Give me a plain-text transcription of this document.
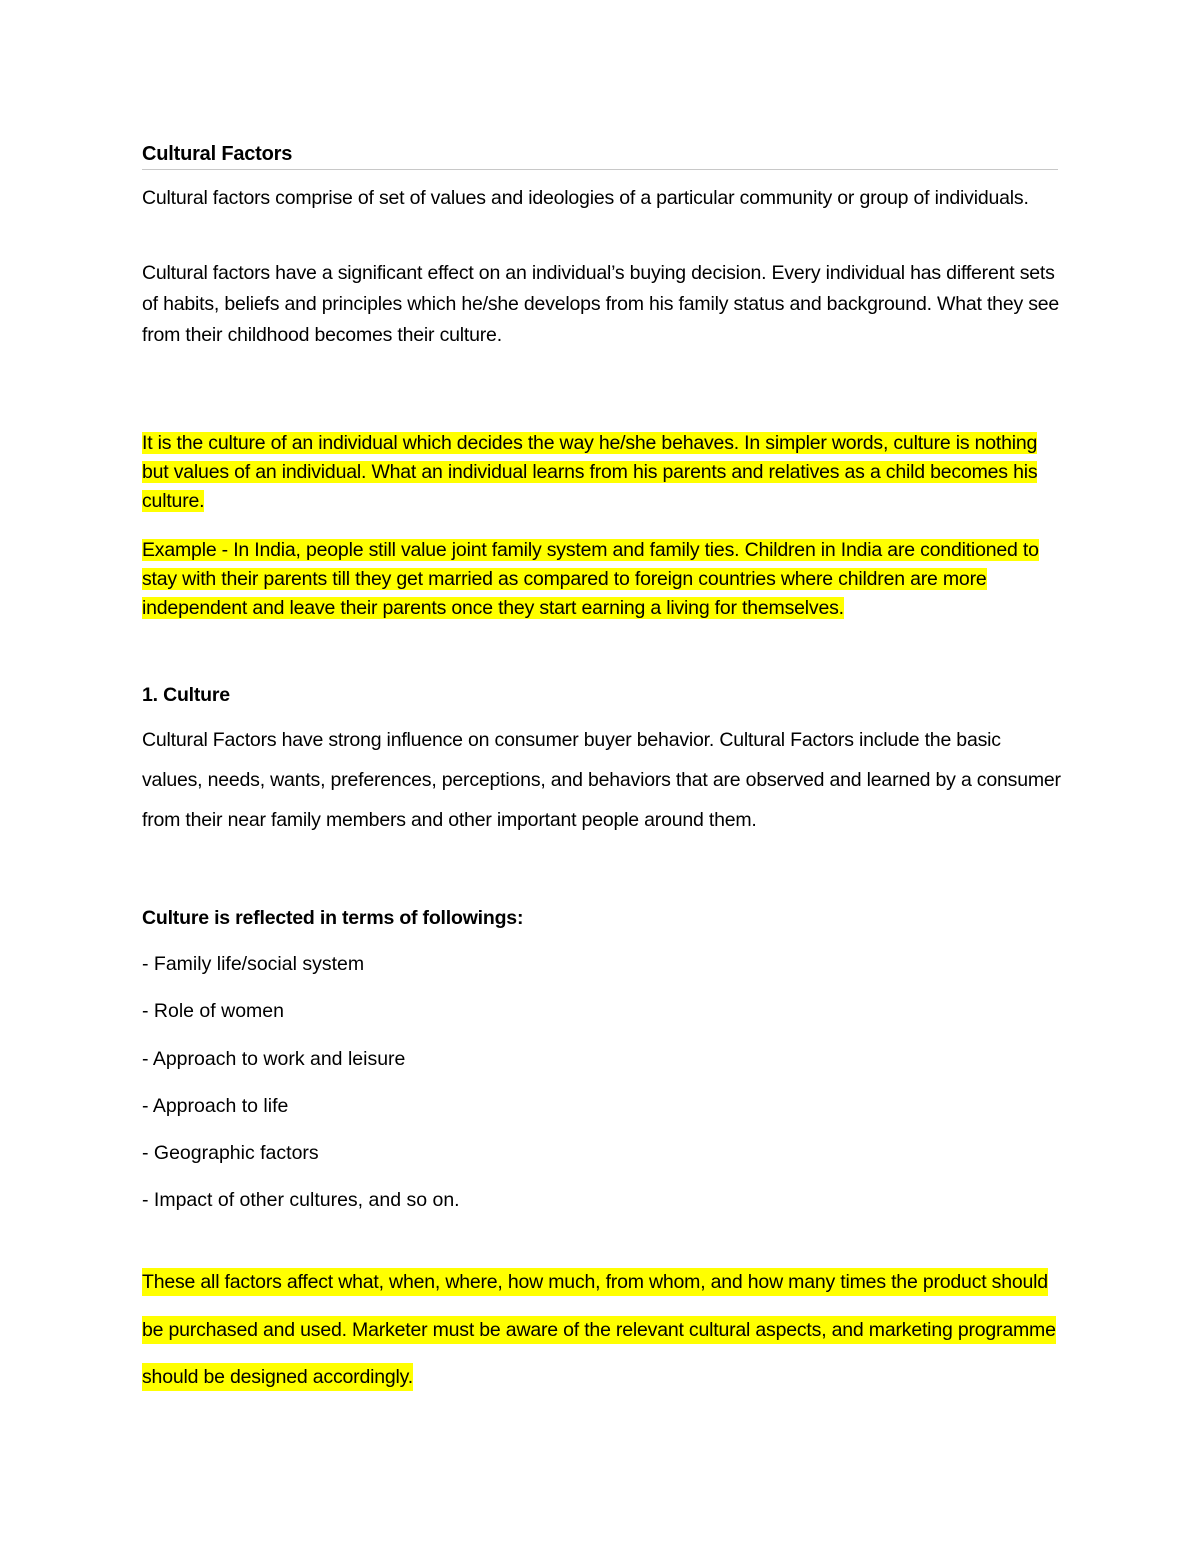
Cultural Factors

Cultural factors comprise of set of values and ideologies of a particular community or group of individuals.

Cultural factors have a significant effect on an individual’s buying decision. Every individual has different sets of habits, beliefs and principles which he/she develops from his family status and background. What they see from their childhood becomes their culture.

It is the culture of an individual which decides the way he/she behaves. In simpler words, culture is nothing but values of an individual. What an individual learns from his parents and relatives as a child becomes his culture.

Example - In India, people still value joint family system and family ties. Children in India are conditioned to stay with their parents till they get married as compared to foreign countries where children are more independent and leave their parents once they start earning a living for themselves.

1. Culture

Cultural Factors have strong influence on consumer buyer behavior. Cultural Factors include the basic values, needs, wants, preferences, perceptions, and behaviors that are observed and learned by a consumer from their near family members and other important people around them.

Culture is reflected in terms of followings:

- Family life/social system
- Role of women
- Approach to work and leisure
- Approach to life
- Geographic factors
- Impact of other cultures, and so on.

These all factors affect what, when, where, how much, from whom, and how many times the product should be purchased and used. Marketer must be aware of the relevant cultural aspects, and marketing programme should be designed accordingly.
